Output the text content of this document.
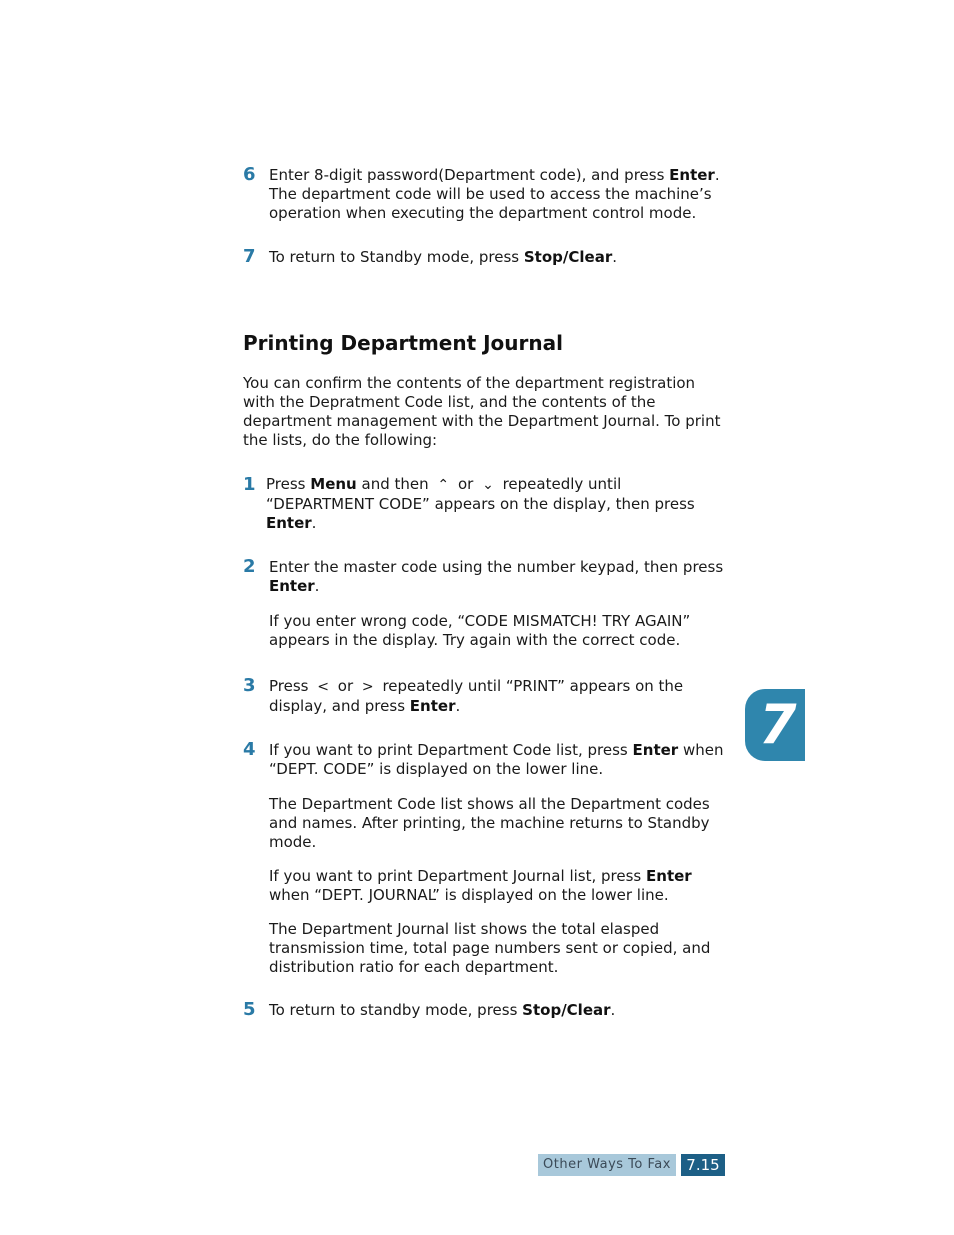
6 Enter 8-digit password(Department code), and press Enter. The department code will be used to access the machine’s operation when executing the department control mode.
7 To return to Standby mode, press Stop/Clear.
Printing Department Journal
You can confirm the contents of the department registration with the Depratment Code list, and the contents of the department management with the Department Journal. To print the lists, do the following:
1 Press Menu and then ⌃ or ⌄ repeatedly until “DEPARTMENT CODE” appears on the display, then press Enter.
2 Enter the master code using the number keypad, then press Enter.
If you enter wrong code, “CODE MISMATCH! TRY AGAIN” appears in the display. Try again with the correct code.
3 Press < or > repeatedly until “PRINT” appears on the display, and press Enter.
4 If you want to print Department Code list, press Enter when “DEPT. CODE” is displayed on the lower line.
The Department Code list shows all the Department codes and names. After printing, the machine returns to Standby mode.
If you want to print Department Journal list, press Enter when “DEPT. JOURNAL” is displayed on the lower line.
The Department Journal list shows the total elasped transmission time, total page numbers sent or copied, and distribution ratio for each department.
5 To return to standby mode, press Stop/Clear.
7
Other Ways To Fax	7.15
